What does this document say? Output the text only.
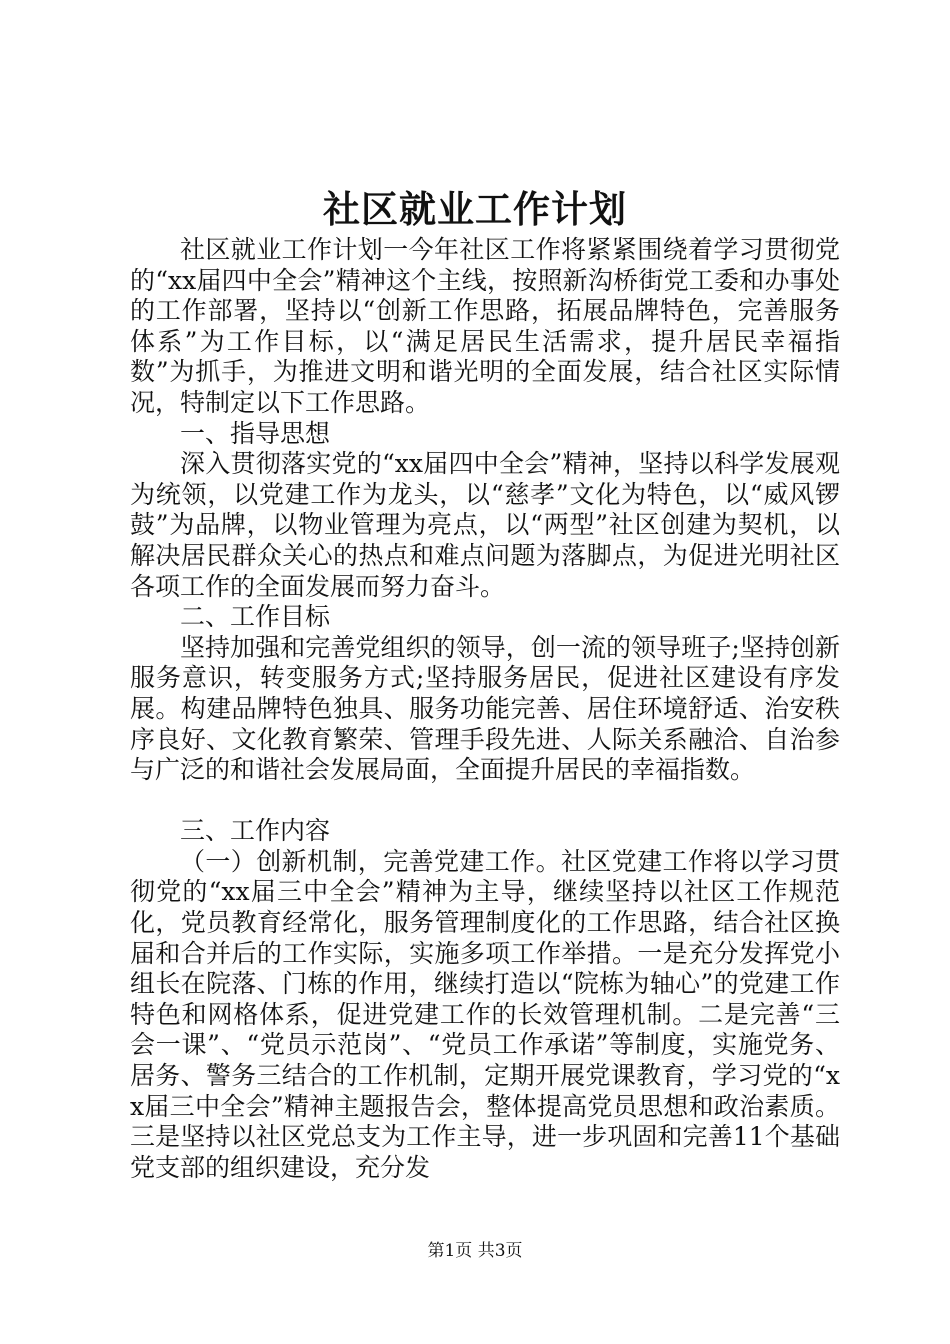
社区就业工作计划

社区就业工作计划一今年社区工作将紧紧围绕着学习贯彻党的“xx届四中全会”精神这个主线，按照新沟桥街党工委和办事处的工作部署，坚持以“创新工作思路，拓展品牌特色，完善服务体系”为工作目标，以“满足居民生活需求，提升居民幸福指数”为抓手，为推进文明和谐光明的全面发展，结合社区实际情况，特制定以下工作思路。

一、指导思想

深入贯彻落实党的“xx届四中全会”精神，坚持以科学发展观为统领，以党建工作为龙头，以“慈孝”文化为特色，以“威风锣鼓”为品牌，以物业管理为亮点，以“两型”社区创建为契机，以解决居民群众关心的热点和难点问题为落脚点，为促进光明社区各项工作的全面发展而努力奋斗。

二、工作目标

坚持加强和完善党组织的领导，创一流的领导班子;坚持创新服务意识，转变服务方式;坚持服务居民，促进社区建设有序发展。构建品牌特色独具、服务功能完善、居住环境舒适、治安秩序良好、文化教育繁荣、管理手段先进、人际关系融洽、自治参与广泛的和谐社会发展局面，全面提升居民的幸福指数。

三、工作内容

（一）创新机制，完善党建工作。社区党建工作将以学习贯彻党的“xx届三中全会”精神为主导，继续坚持以社区工作规范化，党员教育经常化，服务管理制度化的工作思路，结合社区换届和合并后的工作实际，实施多项工作举措。一是充分发挥党小组长在院落、门栋的作用，继续打造以“院栋为轴心”的党建工作特色和网格体系，促进党建工作的长效管理机制。二是完善“三会一课”、“党员示范岗”、“党员工作承诺”等制度，实施党务、居务、警务三结合的工作机制，定期开展党课教育，学习党的“xx届三中全会”精神主题报告会，整体提高党员思想和政治素质。三是坚持以社区党总支为工作主导，进一步巩固和完善11个基础党支部的组织建设，充分发

第1页 共3页
